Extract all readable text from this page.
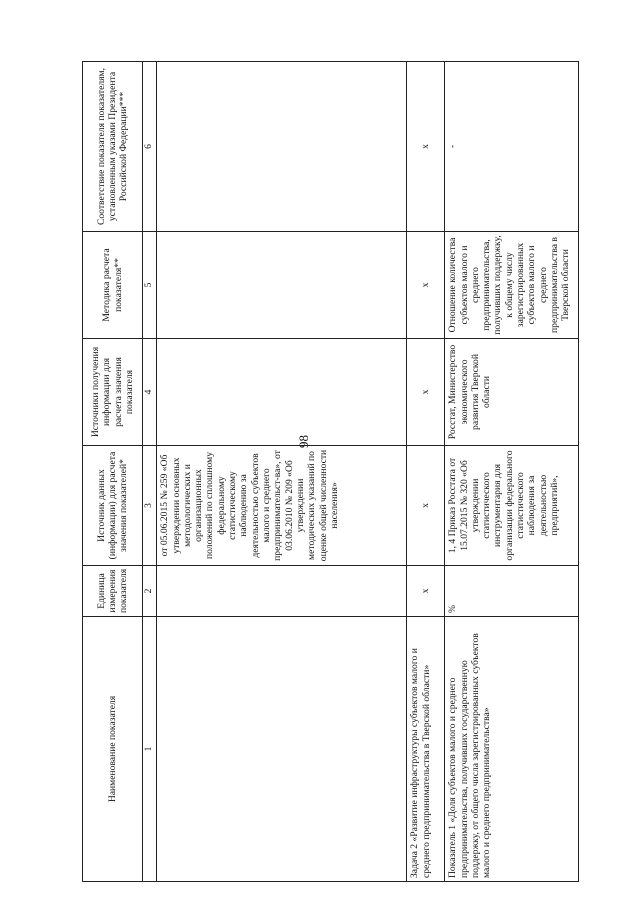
98
Наименование показателя	Единица измерения показателя	Источник данных (информации) для расчета значения показателей*	Источники получения информации для расчета значения показателя	Методика расчета показателя**	Соответствие показателя показателям, установленным указами Президента Российской Федерации***
1	2	3	4	5	6
		от 05.06.2015 № 259 «Об утверждении основных методологических и организационных положений по сплошному федеральному статистическому наблюдению за деятельностью субъектов малого и среднего предпринимательст-ва», от 03.06.2010 № 209 «Об утверждении методических указаний по оценке общей численности населения»			
Задача 2 «Развитие инфраструктуры субъектов малого и среднего предпринимательства в Тверской области»	х	х	х	х	х
Показатель 1 «Доля субъектов малого и среднего предпринимательства, получивших государственную поддержку, от общего числа зарегистрированных субъектов малого и среднего предпринимательства»	%	1, 4 Приказ Росстата от 15.07.2015 № 320 «Об утверждении статистического инструментария для организации федерального статистического наблюдения за деятельностью предприятий»,	Росстат, Министерство экономического развития Тверской области	Отношение количества субъектов малого и среднего предпринимательства, получивших поддержку, к общему числу зарегистрированных субъектов малого и среднего предпринимательства в Тверской области	-
